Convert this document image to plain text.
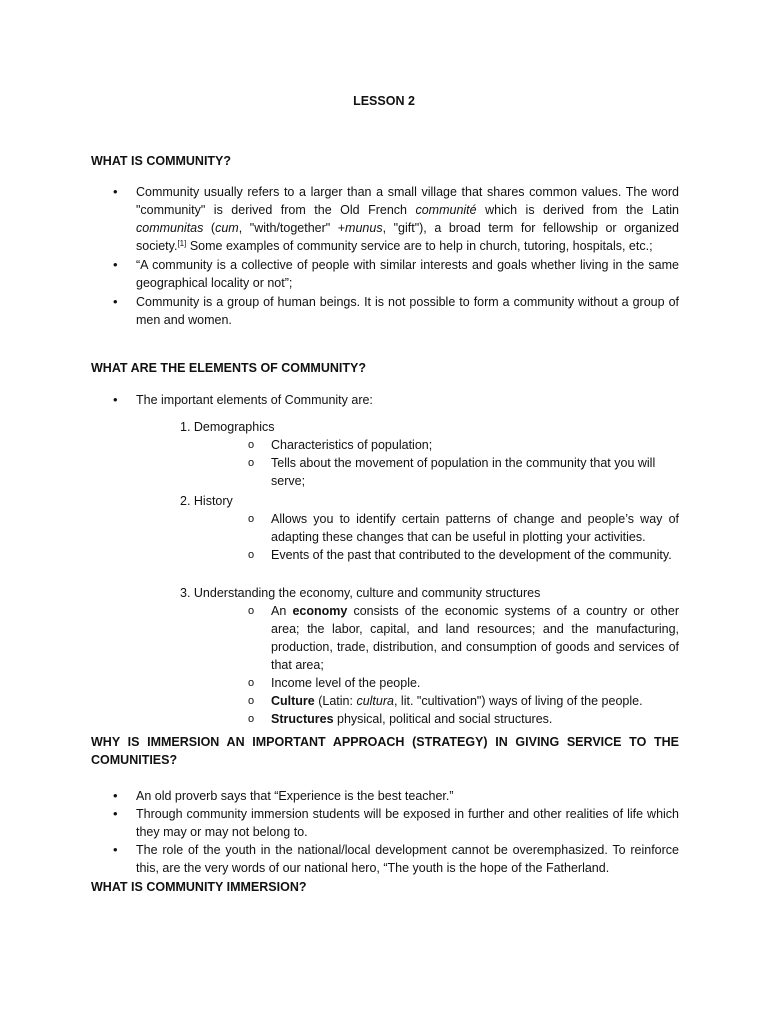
LESSON 2
WHAT IS COMMUNITY?
• Community usually refers to a larger than a small village that shares common values. The word "community" is derived from the Old French communité which is derived from the Latin communitas (cum, "with/together" +munus, "gift"), a broad term for fellowship or organized society.[1] Some examples of community service are to help in church, tutoring, hospitals, etc.;
• “A community is a collective of people with similar interests and goals whether living in the same geographical locality or not”;
• Community is a group of human beings. It is not possible to form a community without a group of men and women.
WHAT ARE THE ELEMENTS OF COMMUNITY?
• The important elements of Community are:
1. Demographics
o Characteristics of population;
o Tells about the movement of population in the community that you will serve;
2. History
o Allows you to identify certain patterns of change and people’s way of adapting these changes that can be useful in plotting your activities.
o Events of the past that contributed to the development of the community.
3. Understanding the economy, culture and community structures
o An economy consists of the economic systems of a country or other area; the labor, capital, and land resources; and the manufacturing, production, trade, distribution, and consumption of goods and services of that area;
o Income level of the people.
o Culture (Latin: cultura, lit. "cultivation") ways of living of the people.
o Structures physical, political and social structures.
WHY IS IMMERSION AN IMPORTANT APPROACH (STRATEGY) IN GIVING SERVICE TO THE COMUNITIES?
• An old proverb says that “Experience is the best teacher.”
• Through community immersion students will be exposed in further and other realities of life which they may or may not belong to.
• The role of the youth in the national/local development cannot be overemphasized. To reinforce this, are the very words of our national hero, “The youth is the hope of the Fatherland.
WHAT IS COMMUNITY IMMERSION?
